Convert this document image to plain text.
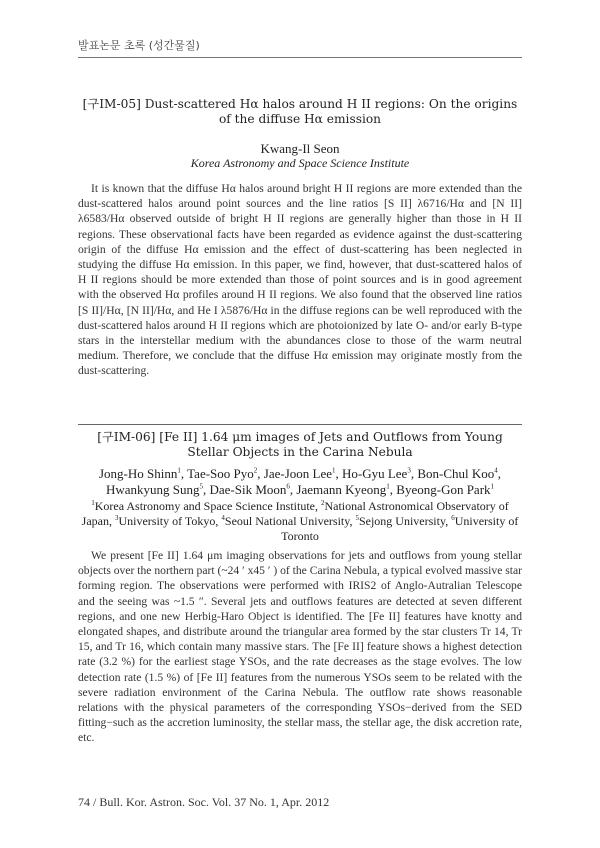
발표논문 초록 (성간물질)
[구IM-05] Dust-scattered Hα halos around H II regions: On the origins
of the diffuse Hα emission
Kwang-Il Seon
Korea Astronomy and Space Science Institute

It is known that the diffuse Hα halos around bright H II regions are more extended than the dust-scattered halos around point sources and the line ratios [S II] λ6716/Hα and [N II] λ6583/Hα observed outside of bright H II regions are generally higher than those in H II regions. These observational facts have been regarded as evidence against the dust-scattering origin of the diffuse Hα emission and the effect of dust-scattering has been neglected in studying the diffuse Hα emission. In this paper, we find, however, that dust-scattered halos of H II regions should be more extended than those of point sources and is in good agreement with the observed Hα profiles around H II regions. We also found that the observed line ratios [S II]/Hα, [N II]/Hα, and He I λ5876/Hα in the diffuse regions can be well reproduced with the dust-scattered halos around H II regions which are photoionized by late O- and/or early B-type stars in the interstellar medium with the abundances close to those of the warm neutral medium. Therefore, we conclude that the diffuse Hα emission may originate mostly from the dust-scattering.

[구IM-06] [Fe II] 1.64 μm images of Jets and Outflows from Young
Stellar Objects in the Carina Nebula
Jong-Ho Shinn$^1$, Tae-Soo Pyo$^2$, Jae-Joon Lee$^1$, Ho-Gyu Lee$^3$, Bon-Chul Koo$^4$, Hwankyung Sung$^5$, Dae-Sik Moon$^6$, Jaemann Kyeong$^1$, Byeong-Gon Park$^1$
$^1$Korea Astronomy and Space Science Institute, $^2$National Astronomical Observatory of Japan, $^3$University of Tokyo, $^4$Seoul National University, $^5$Sejong University, $^6$University of Toronto

We present [Fe II] 1.64 μm imaging observations for jets and outflows from young stellar objects over the northern part (~24 ′ x45 ′ ) of the Carina Nebula, a typical evolved massive star forming region. The observations were performed with IRIS2 of Anglo-Autralian Telescope and the seeing was ~1.5 ″. Several jets and outflows features are detected at seven different regions, and one new Herbig-Haro Object is identified. The [Fe II] features have knotty and elongated shapes, and distribute around the triangular area formed by the star clusters Tr 14, Tr 15, and Tr 16, which contain many massive stars. The [Fe II] feature shows a highest detection rate (3.2 %) for the earliest stage YSOs, and the rate decreases as the stage evolves. The low detection rate (1.5 %) of [Fe II] features from the numerous YSOs seem to be related with the severe radiation environment of the Carina Nebula. The outflow rate shows reasonable relations with the physical parameters of the corresponding YSOs−derived from the SED fitting−such as the accretion luminosity, the stellar mass, the stellar age, the disk accretion rate, etc.

74 / Bull. Kor. Astron. Soc. Vol. 37 No. 1, Apr. 2012
